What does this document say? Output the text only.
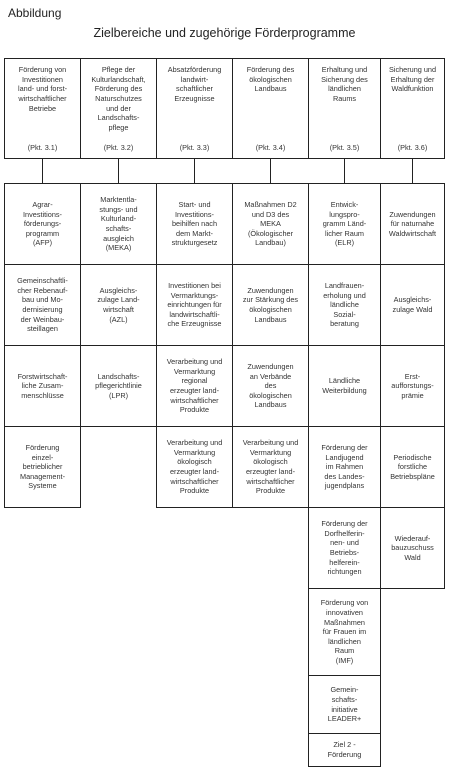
Abbildung
Zielbereiche und zugehörige Förderprogramme
Förderung von
Investitionen
land- und forst-
wirtschaftlicher
Betriebe
(Pkt. 3.1)
Pflege der
Kulturlandschaft,
Förderung des
Naturschutzes
und der
Landschafts-
pflege
(Pkt. 3.2)
Absatzförderung
landwirt-
schaftlicher
Erzeugnisse
(Pkt. 3.3)
Förderung des
ökologischen
Landbaus
(Pkt. 3.4)
Erhaltung und
Sicherung des
ländlichen
Raums
(Pkt. 3.5)
Sicherung und
Erhaltung der
Waldfunktion
(Pkt. 3.6)
Agrar-
Investitions-
förderungs-
programm
(AFP)
Gemeinschaftli-
cher Rebenauf-
bau und Mo-
dernisierung
der Weinbau-
steillagen
Forstwirtschaft-
liche Zusam-
menschlüsse
Förderung
einzel-
betrieblicher
Management-
Systeme
Marktentla-
stungs- und
Kulturland-
schafts-
ausgleich
(MEKA)
Ausgleichs-
zulage Land-
wirtschaft
(AZL)
Landschafts-
pflegerichtlinie
(LPR)
Start- und
Investitions-
beihilfen nach
dem Markt-
strukturgesetz
Investitionen bei
Vermarktungs-
einrichtungen für
landwirtschaftli-
che Erzeugnisse
Verarbeitung und
Vermarktung
regional
erzeugter land-
wirtschaftlicher
Produkte
Verarbeitung und
Vermarktung
ökologisch
erzeugter land-
wirtschaftlicher
Produkte
Maßnahmen D2
und D3 des
MEKA
(Ökologischer
Landbau)
Zuwendungen
zur Stärkung des
ökologischen
Landbaus
Zuwendungen
an Verbände
des
ökologischen
Landbaus
Verarbeitung und
Vermarktung
ökologisch
erzeugter land-
wirtschaftlicher
Produkte
Entwick-
lungspro-
gramm Länd-
licher Raum
(ELR)
Landfrauen-
erholung und
ländliche
Sozial-
beratung
Ländliche
Weiterbildung
Förderung der
Landjugend
im Rahmen
des Landes-
jugendplans
Förderung der
Dorfhelferin-
nen- und
Betriebs-
helferein-
richtungen
Förderung von
innovativen
Maßnahmen
für Frauen im
ländlichen
Raum
(IMF)
Gemein-
schafts-
initiative
LEADER+
Ziel 2 -
Förderung
Zuwendungen
für naturnahe
Waldwirtschaft
Ausgleichs-
zulage Wald
Erst-
aufforstungs-
prämie
Periodische
forstliche
Betriebspläne
Wiederauf-
bauzuschuss
Wald
